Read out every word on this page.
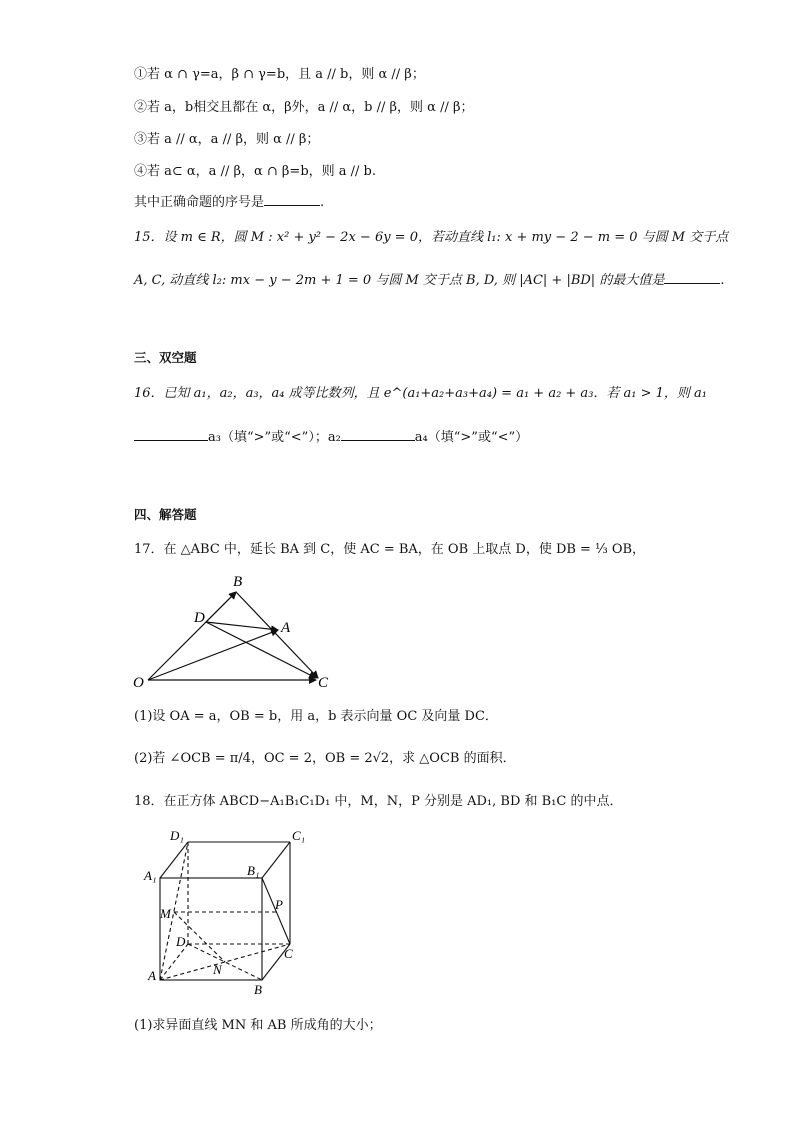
①若 α ∩ γ=a，β ∩ γ=b，且 a // b，则 α // β；
②若 a，b相交且都在 α，β外，a // α，b // β，则 α // β；
③若 a // α，a // β，则 α // β；
④若 a⊂ α，a // β，α ∩ β=b，则 a // b.
其中正确命题的序号是	.
15．设 m ∈ R，圆 M : x² + y² − 2x − 6y = 0，若动直线 l₁: x + my − 2 − m = 0 与圆 M 交于点
A, C, 动直线 l₂: mx − y − 2m + 1 = 0 与圆 M 交于点 B, D, 则 |AC| + |BD| 的最大值是	.
三、双空题
16．已知 a₁，a₂，a₃，a₄ 成等比数列，且 e^(a₁+a₂+a₃+a₄) = a₁ + a₂ + a₃．若 a₁ > 1，则 a₁
a₃（填“>”或“<”）；a₂	a₄（填“>”或“<”）
四、解答题
17．在 △ABC 中，延长 BA 到 C，使 AC = BA，在 OB 上取点 D，使 DB = ⅓ OB，
B
D
A
O	C
(1)设 OA = a，OB = b，用 a，b 表示向量 OC 及向量 DC．
(2)若 ∠OCB = π/4，OC = 2，OB = 2√2，求 △OCB 的面积．
18．在正方体 ABCD−A₁B₁C₁D₁ 中，M，N，P 分别是 AD₁, BD 和 B₁C 的中点．
D₁	C₁
A₁	B₁
M
P
D
C
A	N
B
(1)求异面直线 MN 和 AB 所成角的大小；
